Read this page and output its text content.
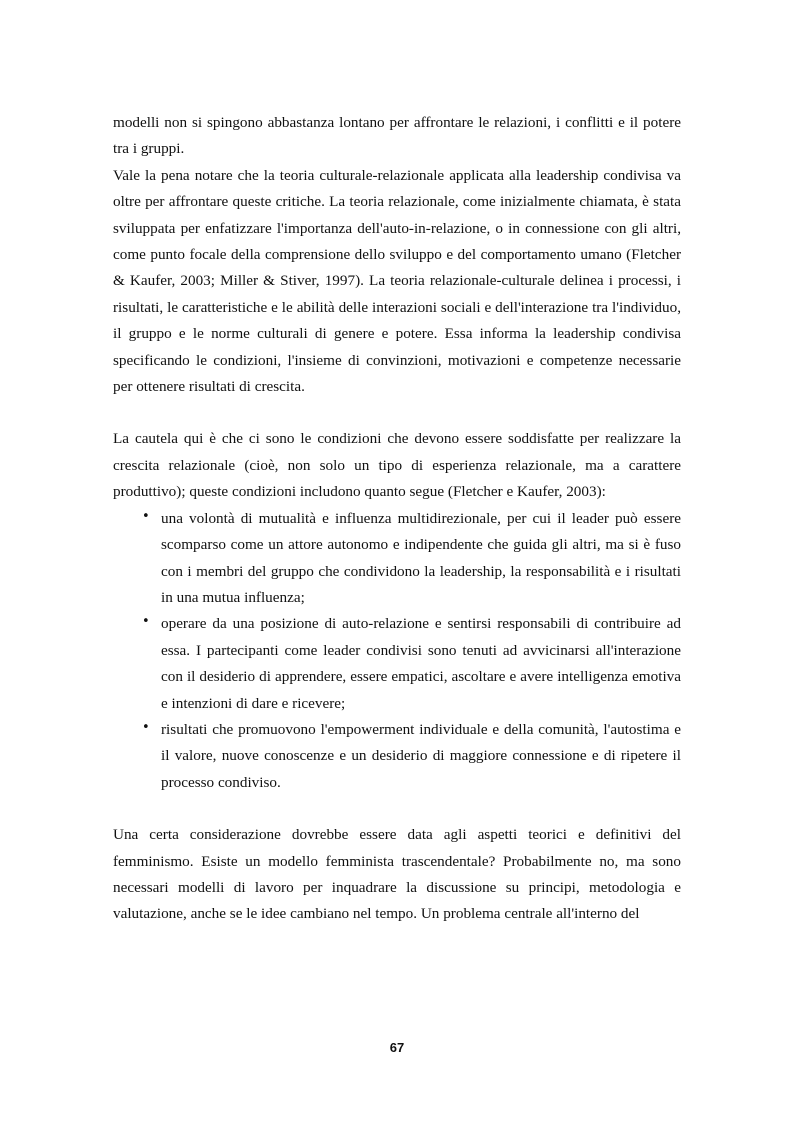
modelli non si spingono abbastanza lontano per affrontare le relazioni, i conflitti e il potere tra i gruppi.

Vale la pena notare che la teoria culturale-relazionale applicata alla leadership condivisa va oltre per affrontare queste critiche. La teoria relazionale, come inizialmente chiamata, è stata sviluppata per enfatizzare l'importanza dell'auto-in-relazione, o in connessione con gli altri, come punto focale della comprensione dello sviluppo e del comportamento umano (Fletcher & Kaufer, 2003; Miller & Stiver, 1997). La teoria relazionale-culturale delinea i processi, i risultati, le caratteristiche e le abilità delle interazioni sociali e dell'interazione tra l'individuo, il gruppo e le norme culturali di genere e potere. Essa informa la leadership condivisa specificando le condizioni, l'insieme di convinzioni, motivazioni e competenze necessarie per ottenere risultati di crescita.

La cautela qui è che ci sono le condizioni che devono essere soddisfatte per realizzare la crescita relazionale (cioè, non solo un tipo di esperienza relazionale, ma a carattere produttivo); queste condizioni includono quanto segue (Fletcher e Kaufer, 2003):

• una volontà di mutualità e influenza multidirezionale, per cui il leader può essere scomparso come un attore autonomo e indipendente che guida gli altri, ma si è fuso con i membri del gruppo che condividono la leadership, la responsabilità e i risultati in una mutua influenza;
• operare da una posizione di auto-relazione e sentirsi responsabili di contribuire ad essa. I partecipanti come leader condivisi sono tenuti ad avvicinarsi all'interazione con il desiderio di apprendere, essere empatici, ascoltare e avere intelligenza emotiva e intenzioni di dare e ricevere;
• risultati che promuovono l'empowerment individuale e della comunità, l'autostima e il valore, nuove conoscenze e un desiderio di maggiore connessione e di ripetere il processo condiviso.

Una certa considerazione dovrebbe essere data agli aspetti teorici e definitivi del femminismo. Esiste un modello femminista trascendentale? Probabilmente no, ma sono necessari modelli di lavoro per inquadrare la discussione su principi, metodologia e valutazione, anche se le idee cambiano nel tempo. Un problema centrale all'interno del

67
